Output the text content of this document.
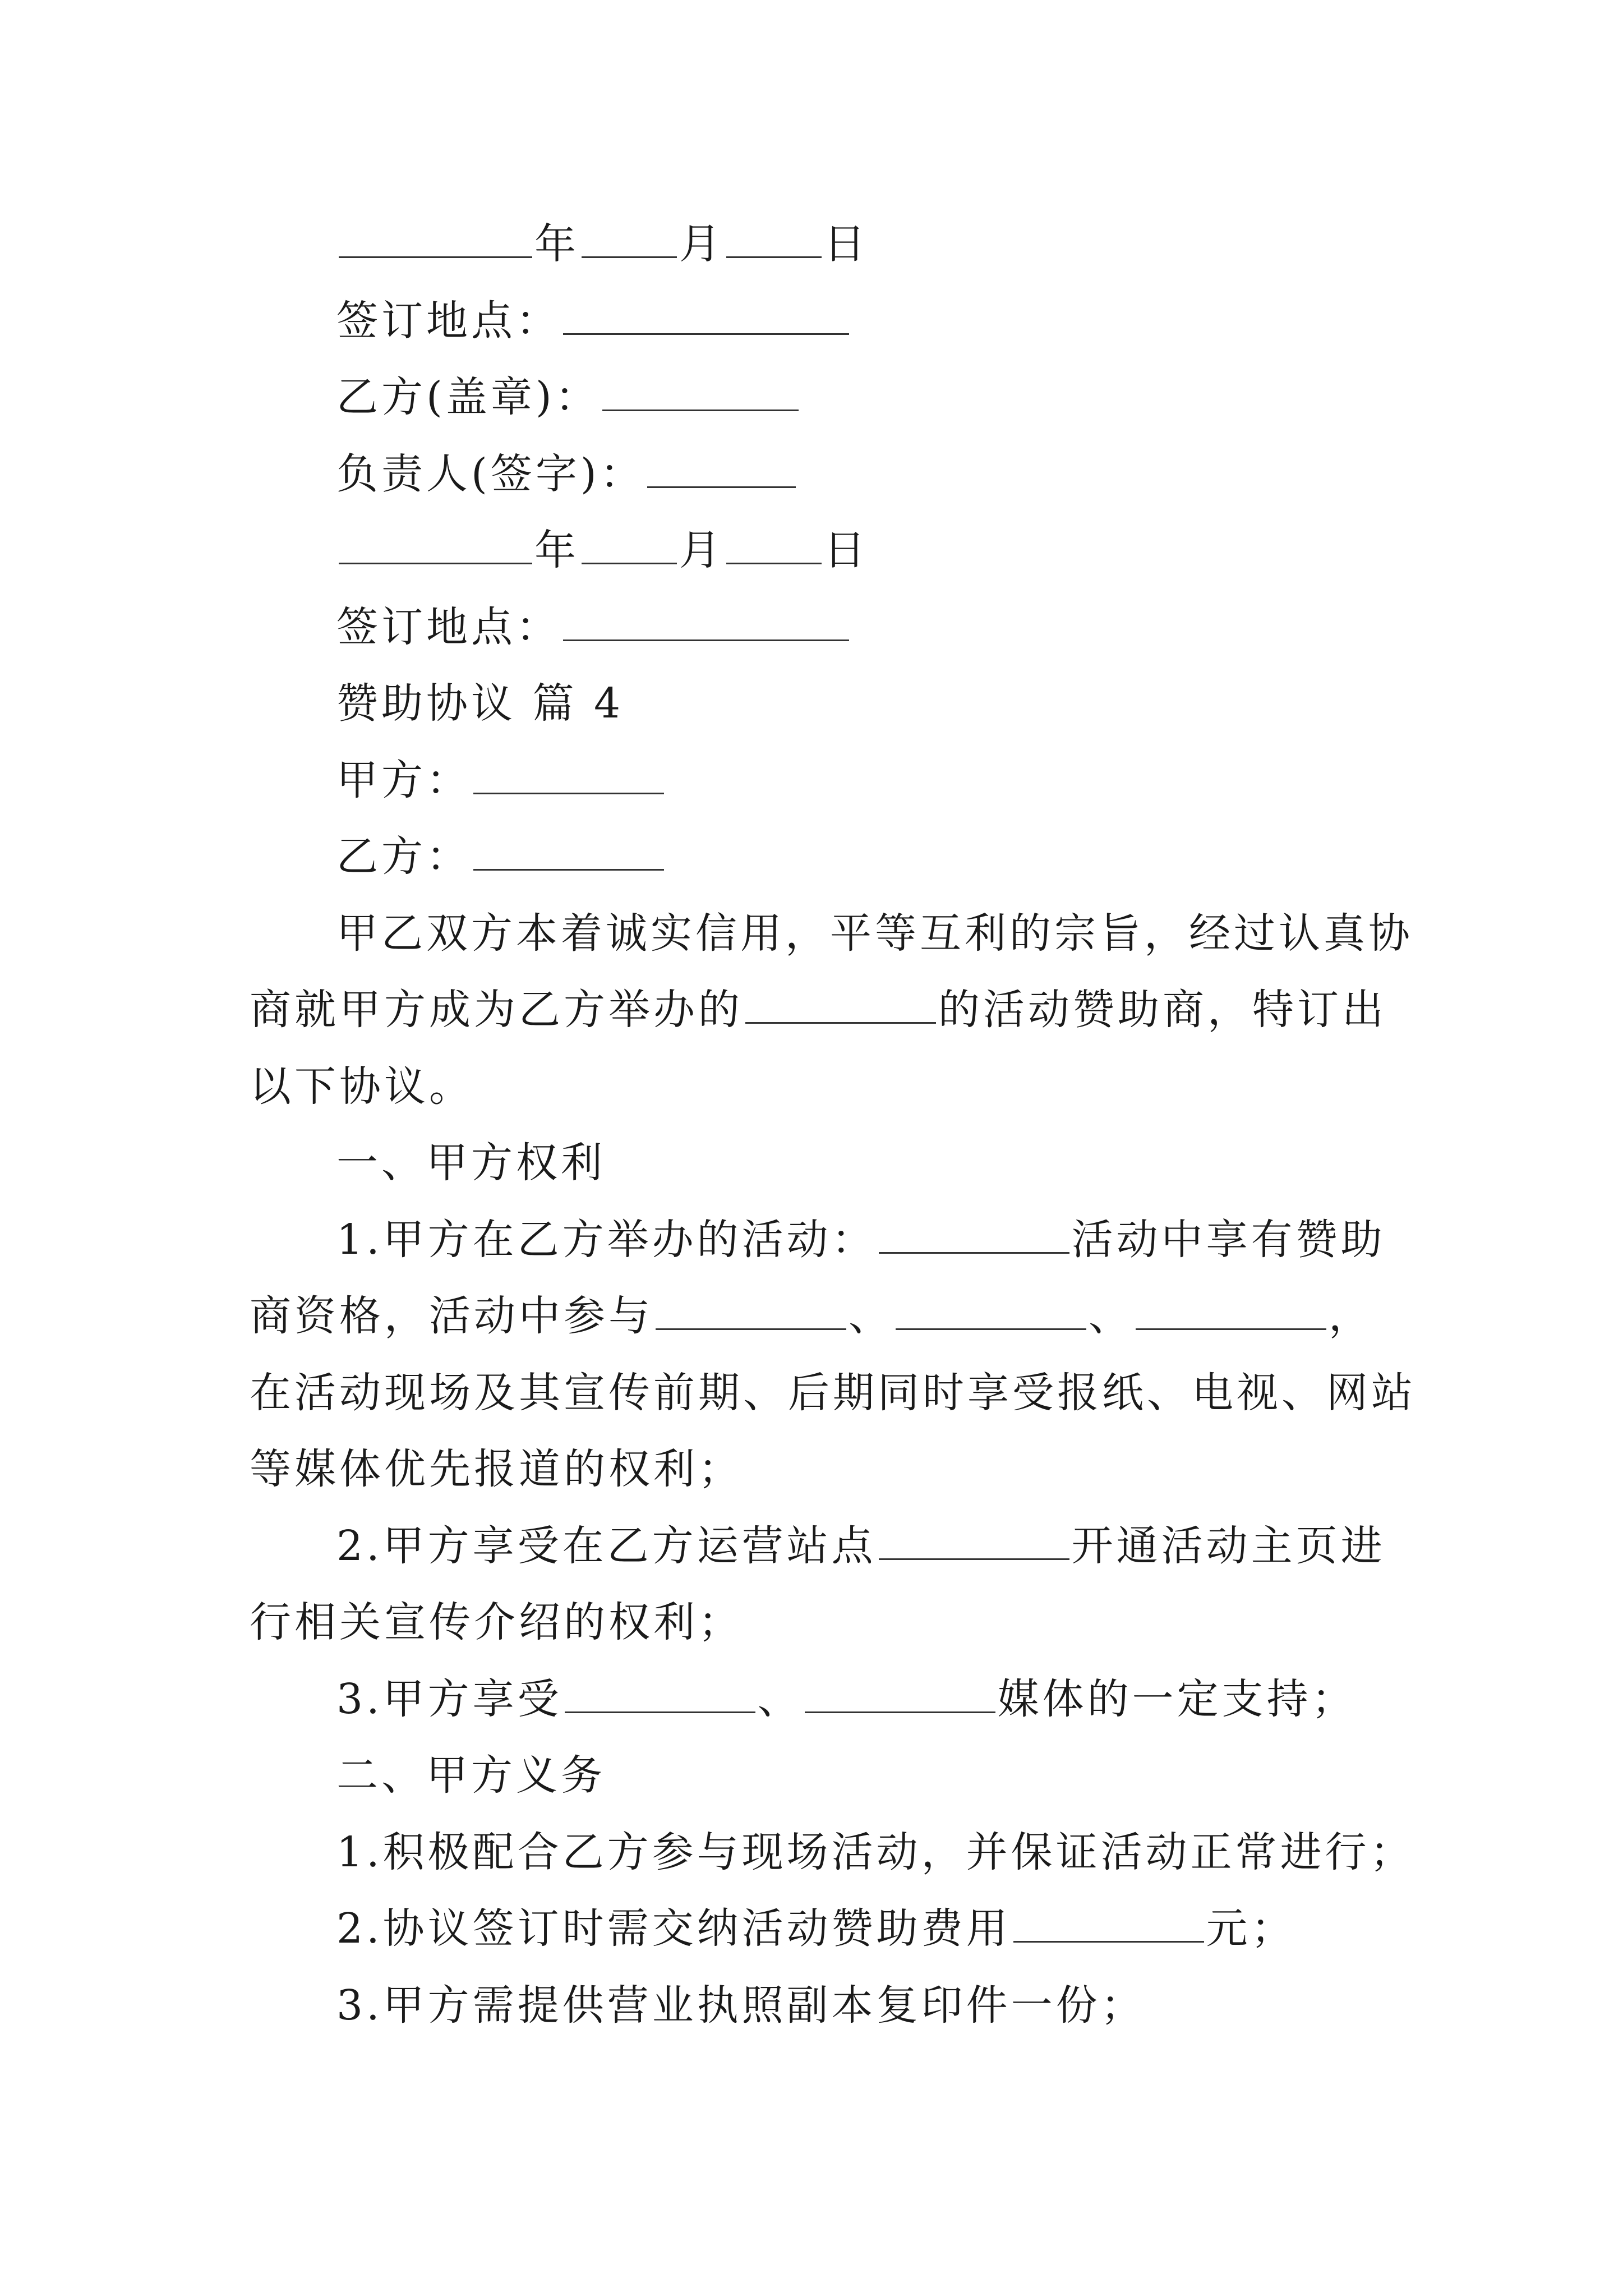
年 月 日
签订地点：
乙方(盖章)：
负责人(签字)：
年 月 日
签订地点：
赞助协议 篇 4
甲方：
乙方：
甲乙双方本着诚实信用，平等互利的宗旨，经过认真协
商就甲方成为乙方举办的	的活动赞助商，特订出
以下协议。
一、甲方权利
1.甲方在乙方举办的活动：	活动中享有赞助
商资格，活动中参与	、	、	，
在活动现场及其宣传前期、后期同时享受报纸、电视、网站
等媒体优先报道的权利；
2.甲方享受在乙方运营站点	开通活动主页进
行相关宣传介绍的权利；
3.甲方享受	、	媒体的一定支持；
二、甲方义务
1.积极配合乙方参与现场活动，并保证活动正常进行；
2.协议签订时需交纳活动赞助费用	元；
3.甲方需提供营业执照副本复印件一份；
